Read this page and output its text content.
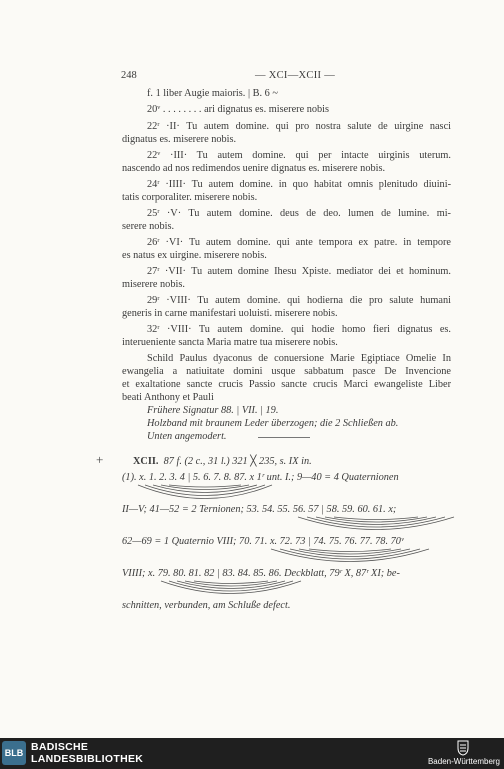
248	— XCI—XCII —
f. 1 liber Augie maioris. | B. 6 ~
20ᵛ . . . . . . . . ari dignatus es. miserere nobis
22ʳ ·II· Tu autem domine. qui pro nostra salute de uirgine nasci
dignatus es. miserere nobis.
22ᵛ ·III· Tu autem domine. qui per intacte uirginis uterum.
nascendo ad nos redimendos uenire dignatus es. miserere nobis.
24ʳ ·IIII· Tu autem domine. in quo habitat omnis plenitudo diuini-
tatis corporaliter. miserere nobis.
25ʳ ·V· Tu autem domine. deus de deo. lumen de lumine. mi-
serere nobis.
26ʳ ·VI· Tu autem domine. qui ante tempora ex patre. in tempore
es natus ex uirgine. miserere nobis.
27ʳ ·VII· Tu autem domine Ihesu Xpiste. mediator dei et hominum.
miserere nobis.
29ʳ ·VIII· Tu autem domine. qui hodierna die pro salute humani
generis in carne manifestari uoluisti. miserere nobis.
32ʳ ·VIII· Tu autem domine. qui hodie homo fieri dignatus es.
interueniente sancta Maria matre tua miserere nobis.
Schild Paulus dyaconus de conuersione Marie Egiptiace Omelie In
ewangelia a natiuitate domini usque sabbatum pasce De Invencione
et exaltatione sancte crucis Passio sancte crucis Marci ewangeliste Liber
beati Anthony et Pauli
Frühere Signatur 88. | VII. | 19.
Holzband mit braunem Leder überzogen; die 2 Schließen ab.
Unten angemodert.
+	XCII. 87 f. (2 c., 31 l.) 321 ╳ 235, s. IX in.
(1). x. 1. 2. 3. 4 | 5. 6. 7. 8. 87. x 1ʳ unt. I.; 9—40 = 4 Quaternionen
II—V; 41—52 = 2 Ternionen; 53. 54. 55. 56. 57 | 58. 59. 60. 61. x;
62—69 = 1 Quaternio VIII; 70. 71. x. 72. 73 | 74. 75. 76. 77. 78. 70ᵛ
VIIII; x. 79. 80. 81. 82 | 83. 84. 85. 86. Deckblatt, 79ʳ X, 87ʳ XI; be-
schnitten, verbunden, am Schluße defect.
BLB BADISCHE
LANDESBIBLIOTHEK	Baden-Württemberg
